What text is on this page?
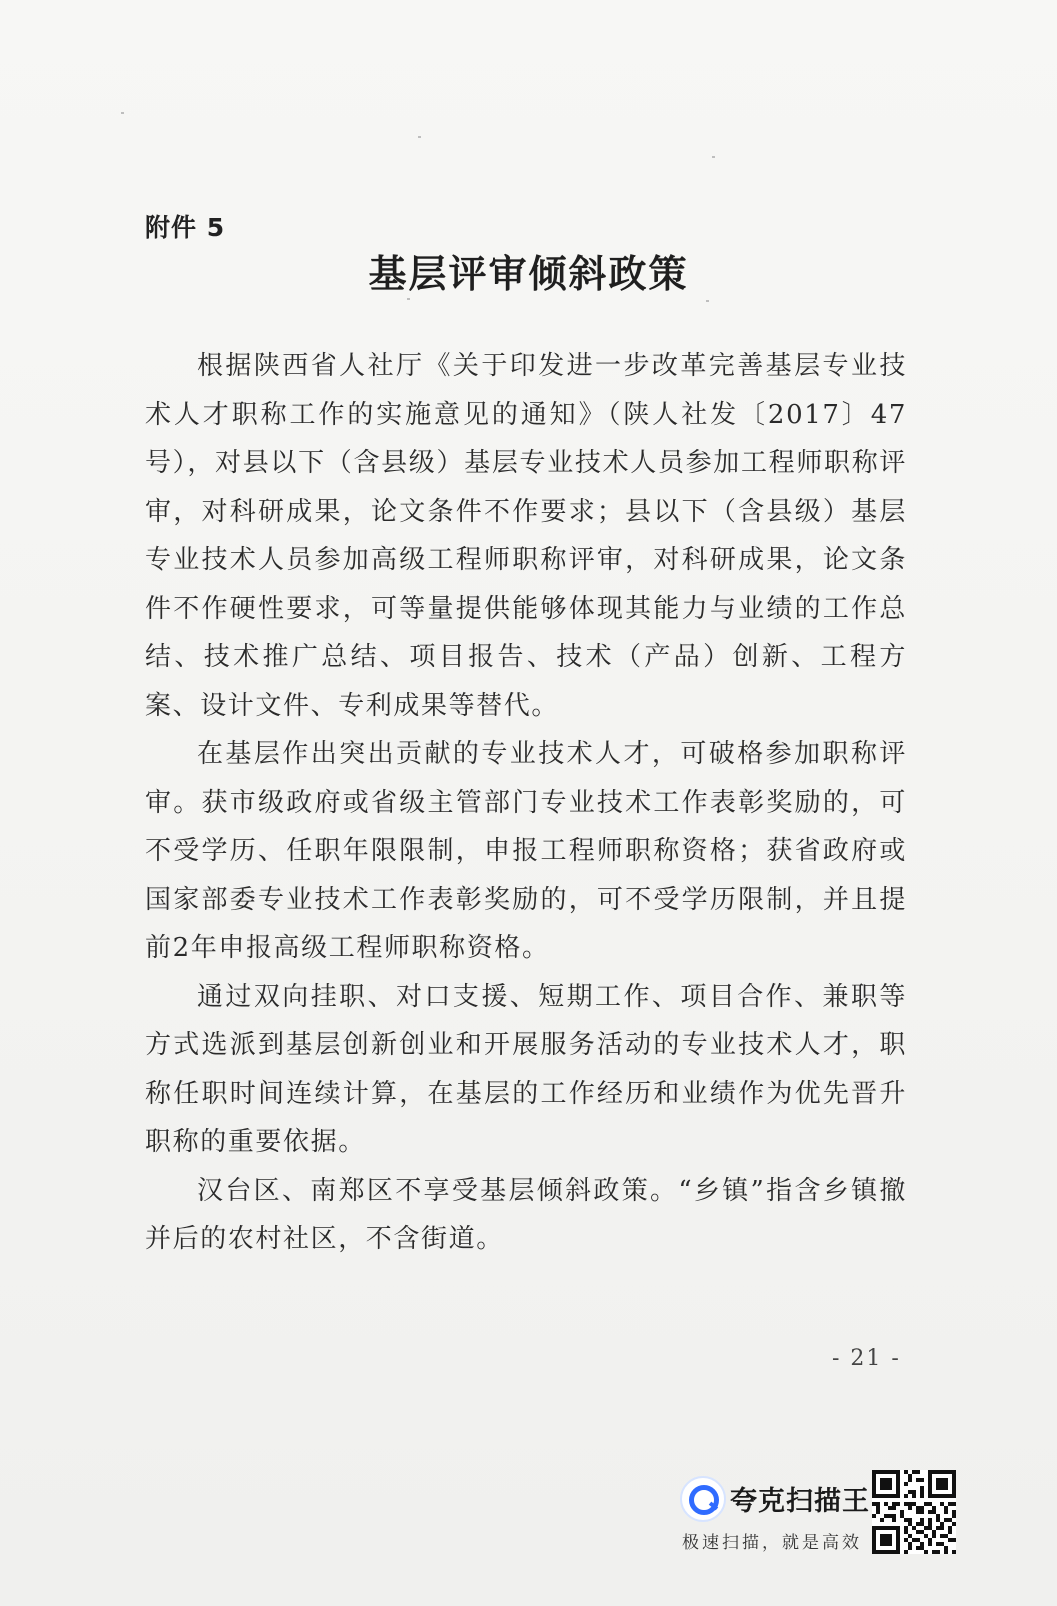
附件 5
基层评审倾斜政策

根据陕西省人社厅《关于印发进一步改革完善基层专业技术人才职称工作的实施意见的通知》（陕人社发〔2017〕47号），对县以下（含县级）基层专业技术人员参加工程师职称评审，对科研成果，论文条件不作要求；县以下（含县级）基层专业技术人员参加高级工程师职称评审，对科研成果，论文条件不作硬性要求，可等量提供能够体现其能力与业绩的工作总结、技术推广总结、项目报告、技术（产品）创新、工程方案、设计文件、专利成果等替代。

在基层作出突出贡献的专业技术人才，可破格参加职称评审。获市级政府或省级主管部门专业技术工作表彰奖励的，可不受学历、任职年限限制，申报工程师职称资格；获省政府或国家部委专业技术工作表彰奖励的，可不受学历限制，并且提前2年申报高级工程师职称资格。

通过双向挂职、对口支援、短期工作、项目合作、兼职等方式选派到基层创新创业和开展服务活动的专业技术人才，职称任职时间连续计算，在基层的工作经历和业绩作为优先晋升职称的重要依据。

汉台区、南郑区不享受基层倾斜政策。“乡镇”指含乡镇撤并后的农村社区，不含街道。

- 21 -
夸克扫描王
极速扫描，就是高效
